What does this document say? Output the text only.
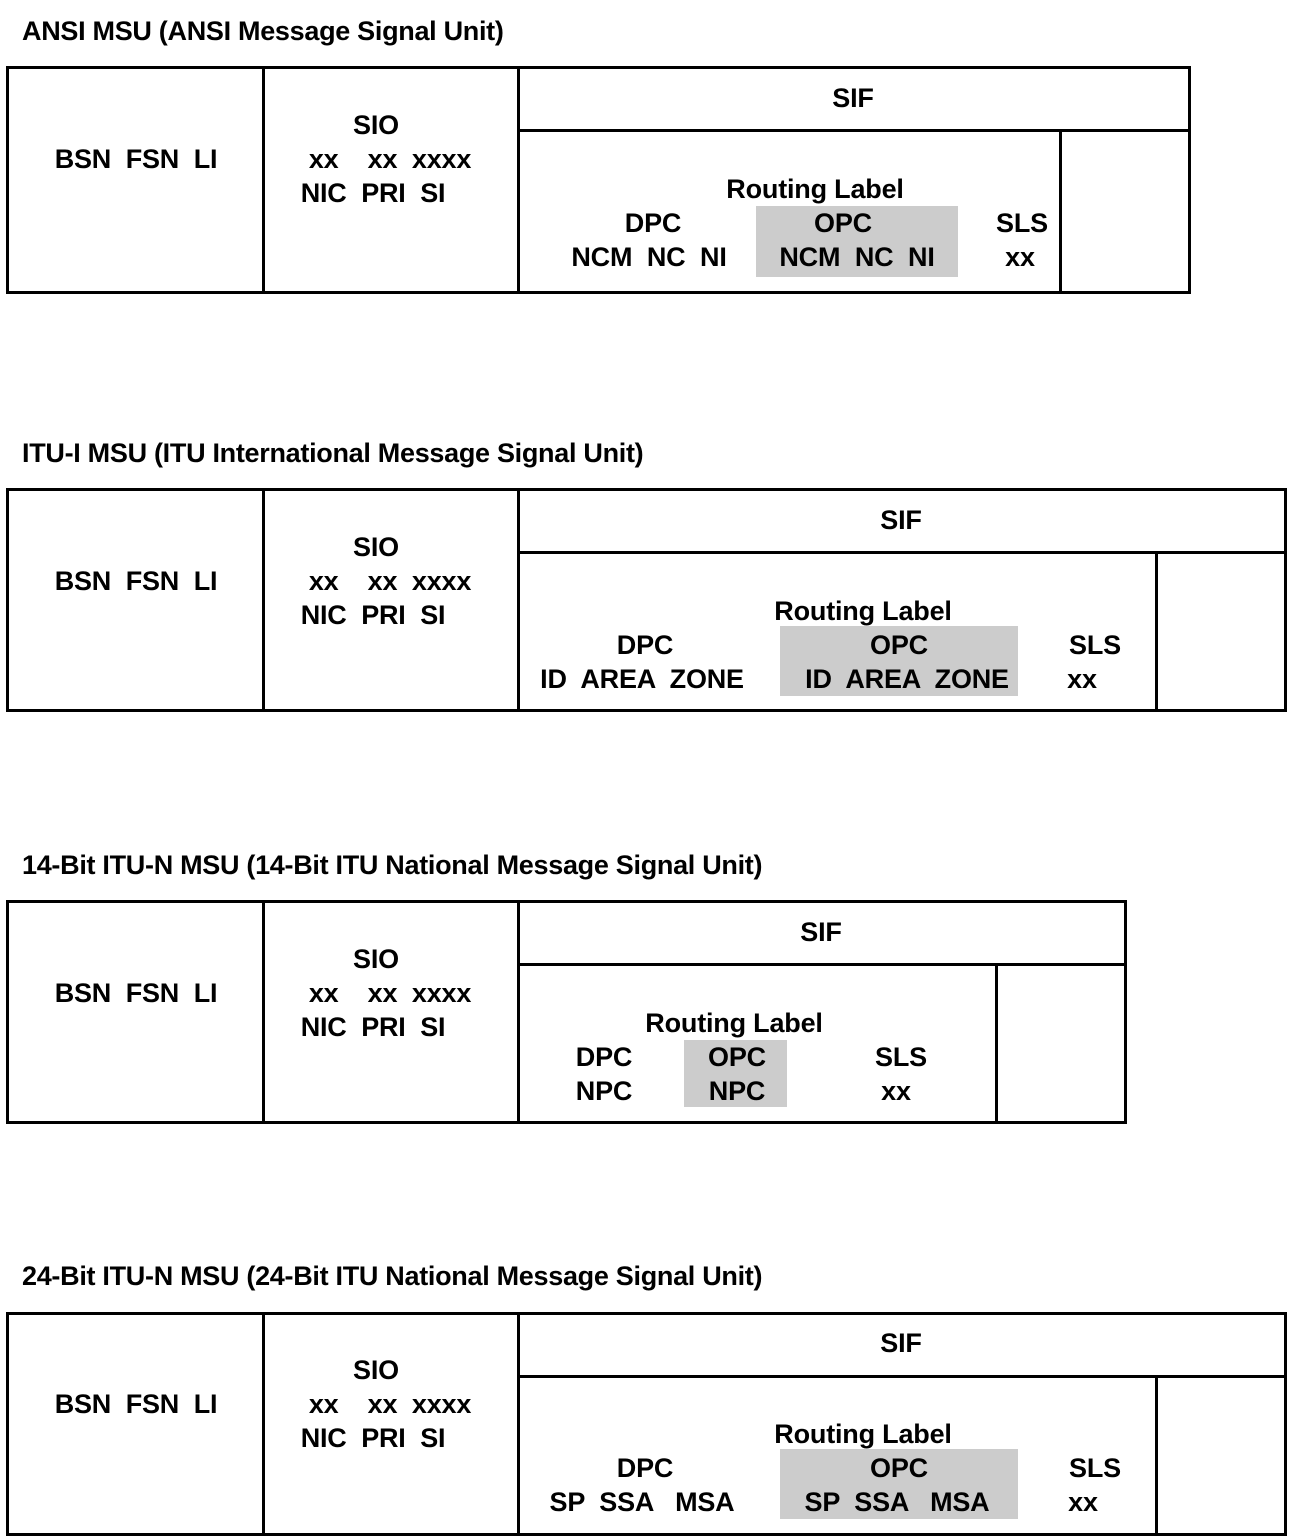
ANSI MSU (ANSI Message Signal Unit)
BSN  FSN  LI
SIO
xx    xx  xxxx
NIC  PRI  SI
SIF
Routing Label
DPC
NCM  NC  NI
OPC
NCM  NC  NI
SLS
xx
ITU-I MSU (ITU International Message Signal Unit)
BSN  FSN  LI
SIO
xx    xx  xxxx
NIC  PRI  SI
SIF
Routing Label
DPC
ID  AREA  ZONE
OPC
ID  AREA  ZONE
SLS
xx
14-Bit ITU-N MSU (14-Bit ITU National Message Signal Unit)
BSN  FSN  LI
SIO
xx    xx  xxxx
NIC  PRI  SI
SIF
Routing Label
DPC
NPC
OPC
NPC
SLS
xx
24-Bit ITU-N MSU (24-Bit ITU National Message Signal Unit)
BSN  FSN  LI
SIO
xx    xx  xxxx
NIC  PRI  SI
SIF
Routing Label
DPC
SP  SSA   MSA
OPC
SP  SSA   MSA
SLS
xx
